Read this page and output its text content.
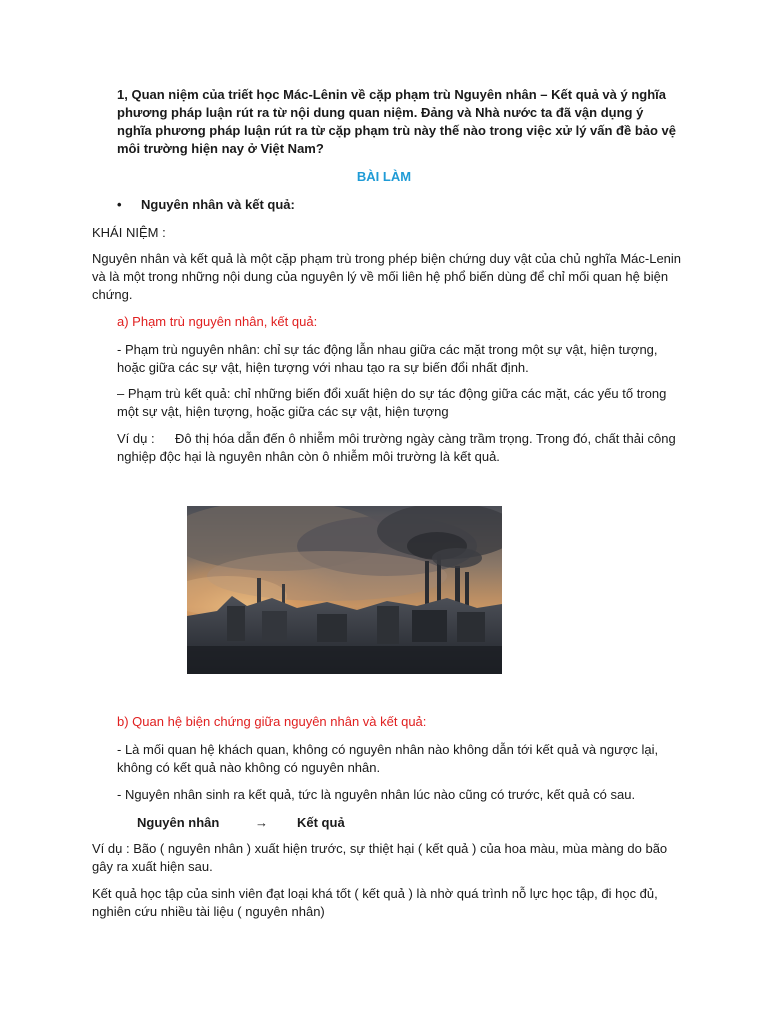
1, Quan niệm của triết học Mác-Lênin về cặp phạm trù Nguyên nhân – Kết quả và ý nghĩa phương pháp luận rút ra từ nội dung quan niệm. Đảng và Nhà nước ta đã vận dụng ý nghĩa phương pháp luận rút ra từ cặp phạm trù này thế nào trong việc xử lý vấn đề bảo vệ môi trường hiện nay ở Việt Nam?

BÀI LÀM

• Nguyên nhân và kết quả:

KHÁI NIỆM :

Nguyên nhân và kết quả là một cặp phạm trù trong phép biện chứng duy vật của chủ nghĩa Mác-Lenin và là một trong những nội dung của nguyên lý về mối liên hệ phổ biến dùng để chỉ mối quan hệ biện chứng.

a) Phạm trù nguyên nhân, kết quả:

- Phạm trù nguyên nhân: chỉ sự tác động lẫn nhau giữa các mặt trong một sự vật, hiện tượng, hoặc giữa các sự vật, hiện tượng với nhau tạo ra sự biến đổi nhất định.

– Phạm trù kết quả: chỉ những biến đổi xuất hiện do sự tác động giữa các mặt, các yếu tố trong một sự vật, hiện tượng, hoặc giữa các sự vật, hiện tượng

Ví dụ : Đô thị hóa dẫn đến ô nhiễm môi trường ngày càng trầm trọng. Trong đó, chất thải công nghiệp độc hại là nguyên nhân còn ô nhiễm môi trường là kết quả.

b) Quan hệ biện chứng giữa nguyên nhân và kết quả:

- Là mối quan hệ khách quan, không có nguyên nhân nào không dẫn tới kết quả và ngược lại, không có kết quả nào không có nguyên nhân.

- Nguyên nhân sinh ra kết quả, tức là nguyên nhân lúc nào cũng có trước, kết quả có sau.

Nguyên nhân	→ Kết quả

Ví dụ : Bão ( nguyên nhân ) xuất hiện trước, sự thiệt hại ( kết quả ) của hoa màu, mùa màng do bão gây ra xuất hiện sau.

Kết quả học tập của sinh viên đạt loại khá tốt ( kết quả ) là nhờ quá trình nỗ lực học tập, đi học đủ, nghiên cứu nhiều tài liệu ( nguyên nhân)
